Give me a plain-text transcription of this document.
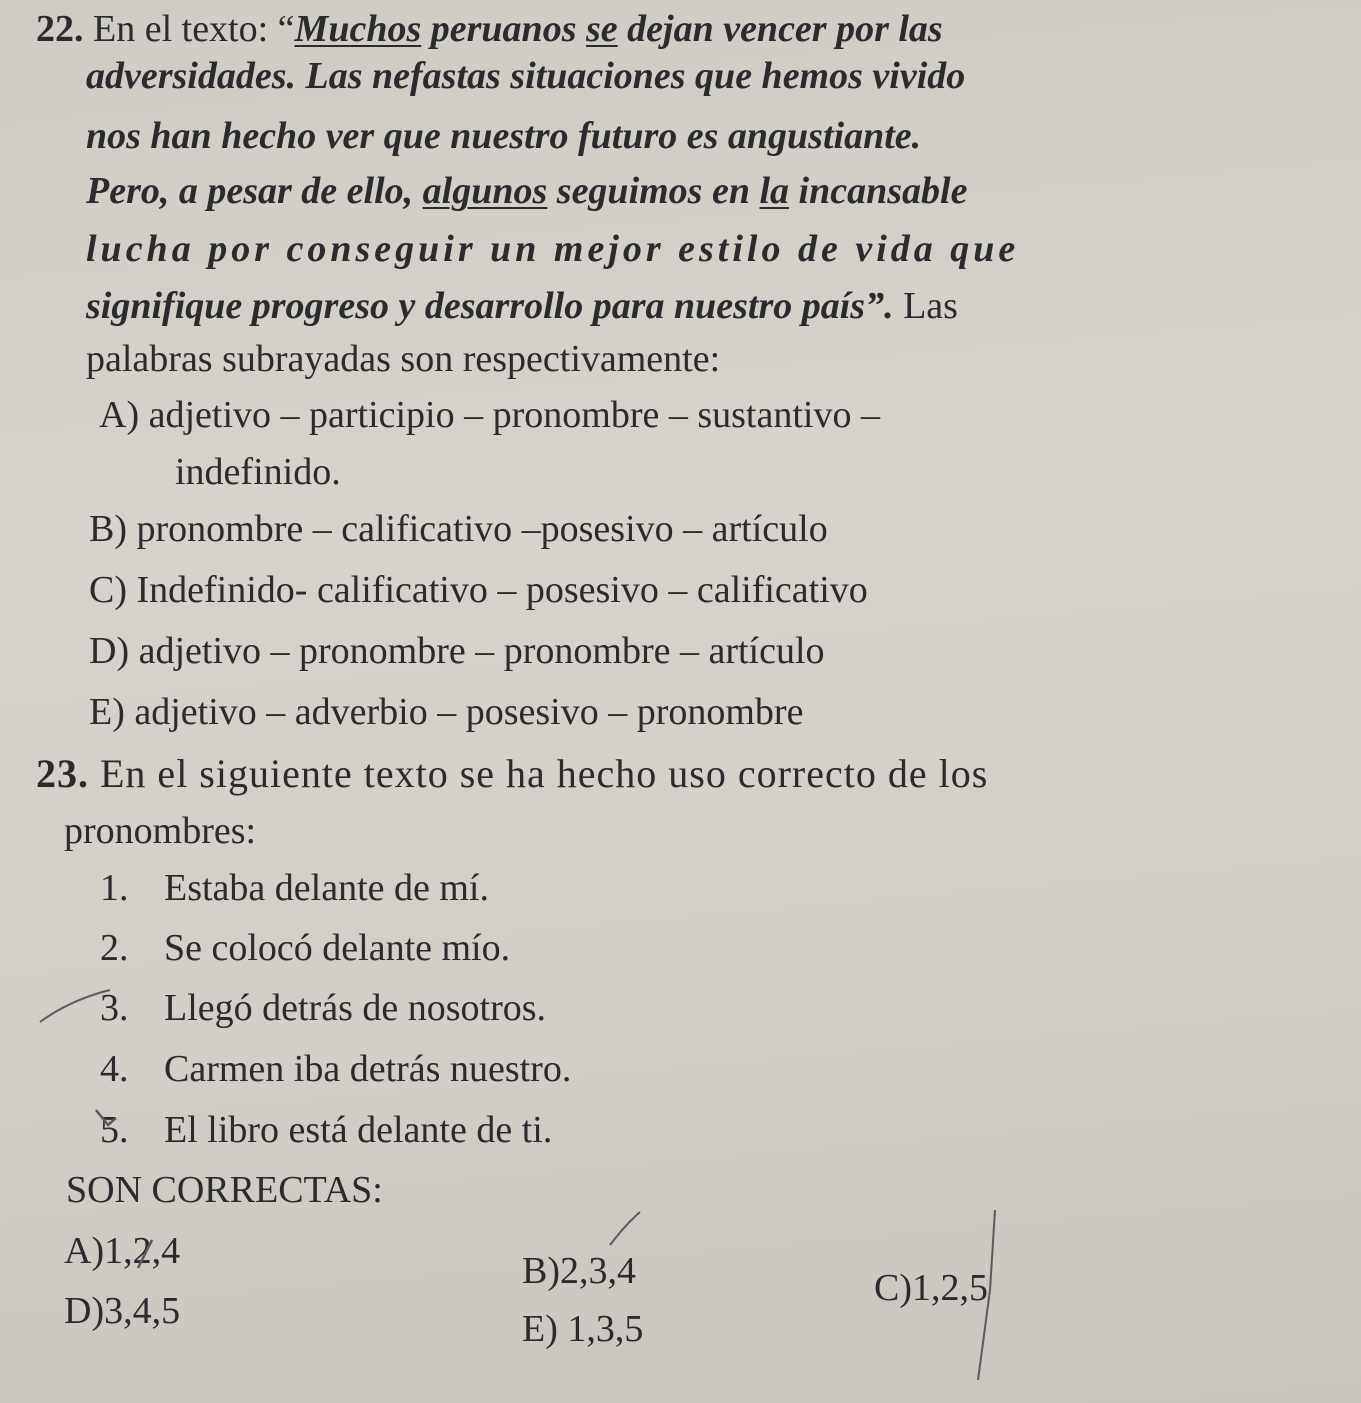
22. En el texto: “Muchos peruanos se dejan vencer por las
adversidades. Las nefastas situaciones que hemos vivido
nos han hecho ver que nuestro futuro es angustiante.
Pero, a pesar de ello, algunos seguimos en la incansable
lucha por conseguir un mejor estilo de vida que
signifique progreso y desarrollo para nuestro país”. Las
palabras subrayadas son respectivamente:
A) adjetivo – participio – pronombre – sustantivo –
indefinido.
B) pronombre – calificativo –posesivo – artículo
C) Indefinido- calificativo – posesivo – calificativo
D) adjetivo – pronombre – pronombre – artículo
E) adjetivo – adverbio – posesivo – pronombre
23. En el siguiente texto se ha hecho uso correcto de los
pronombres:
1. Estaba delante de mí.
2. Se colocó delante mío.
3. Llegó detrás de nosotros.
4. Carmen iba detrás nuestro.
5. El libro está delante de ti.
SON CORRECTAS:
A)1,2,4	B)2,3,4	C)1,2,5
D)3,4,5	E) 1,3,5
